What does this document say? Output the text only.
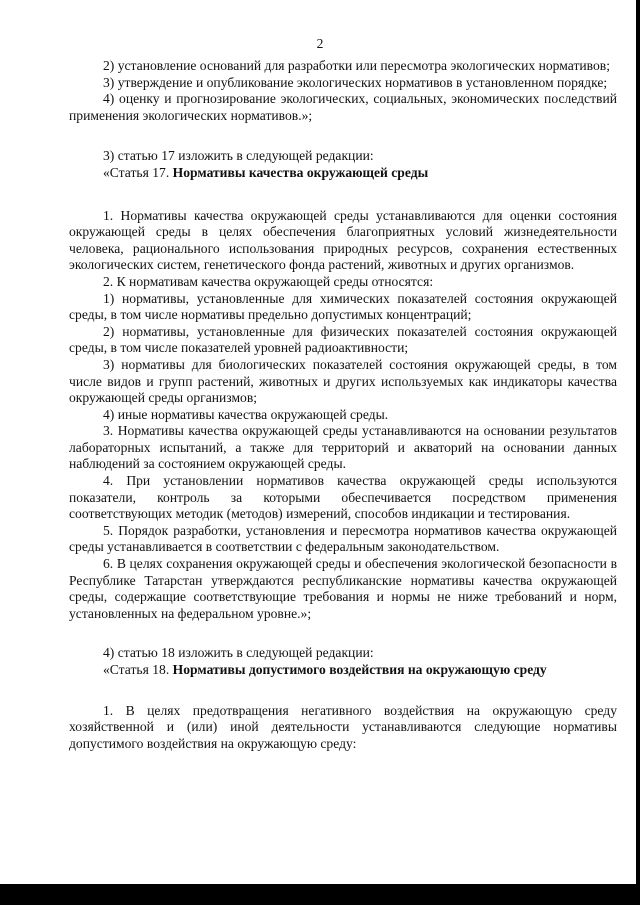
2

2) установление оснований для разработки или пересмотра экологических нормативов;

3) утверждение и опубликование экологических нормативов в установленном порядке;

4) оценку и прогнозирование экологических, социальных, экономических последствий применения экологических нормативов.»;

3) статью 17 изложить в следующей редакции:

«Статья 17. Нормативы качества окружающей среды

1. Нормативы качества окружающей среды устанавливаются для оценки состояния окружающей среды в целях обеспечения благоприятных условий жизнедеятельности человека, рационального использования природных ресурсов, сохранения естественных экологических систем, генетического фонда растений, животных и других организмов.

2. К нормативам качества окружающей среды относятся:

1) нормативы, установленные для химических показателей состояния окружающей среды, в том числе нормативы предельно допустимых концентраций;

2) нормативы, установленные для физических показателей состояния окружающей среды, в том числе показателей уровней радиоактивности;

3) нормативы для биологических показателей состояния окружающей среды, в том числе видов и групп растений, животных и других используемых как индикаторы качества окружающей среды организмов;

4) иные нормативы качества окружающей среды.

3. Нормативы качества окружающей среды устанавливаются на основании результатов лабораторных испытаний, а также для территорий и акваторий на основании данных наблюдений за состоянием окружающей среды.

4. При установлении нормативов качества окружающей среды используются показатели, контроль за которыми обеспечивается посредством применения соответствующих методик (методов) измерений, способов индикации и тестирования.

5. Порядок разработки, установления и пересмотра нормативов качества окружающей среды устанавливается в соответствии с федеральным законодательством.

6. В целях сохранения окружающей среды и обеспечения экологической безопасности в Республике Татарстан утверждаются республиканские нормативы качества окружающей среды, содержащие соответствующие требования и нормы не ниже требований и норм, установленных на федеральном уровне.»;

4) статью 18 изложить в следующей редакции:

«Статья 18. Нормативы допустимого воздействия на окружающую среду

1. В целях предотвращения негативного воздействия на окружающую среду хозяйственной и (или) иной деятельности устанавливаются следующие нормативы допустимого воздействия на окружающую среду:
